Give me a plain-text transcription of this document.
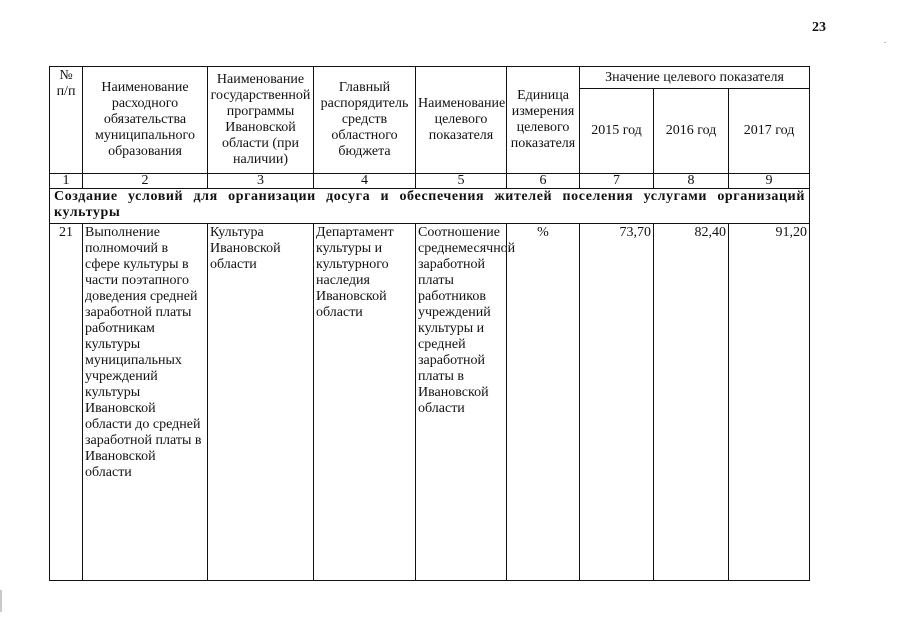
23
№ п/п	Наименование расходного обязательства муниципального образования	Наименование государственной программы Ивановской области (при наличии)	Главный распорядитель средств областного бюджета	Наименование целевого показателя	Единица измерения целевого показателя	Значение целевого показателя		
						2015 год	2016 год	2017 год
1	2	3	4	5	6	7	8	9
Создание условий для организации досуга и обеспечения жителей поселения услугами организаций культуры								
21	Выполнение полномочий в сфере культуры в части поэтапного доведения средней заработной платы работникам культуры муниципальных учреждений культуры Ивановской области до средней заработной платы в Ивановской области	Культура Ивановской области	Департамент культуры и культурного наследия Ивановской области	Соотношение среднемесячной заработной платы работников учреждений культуры и средней заработной платы в Ивановской области	%	73,70	82,40	91,20
